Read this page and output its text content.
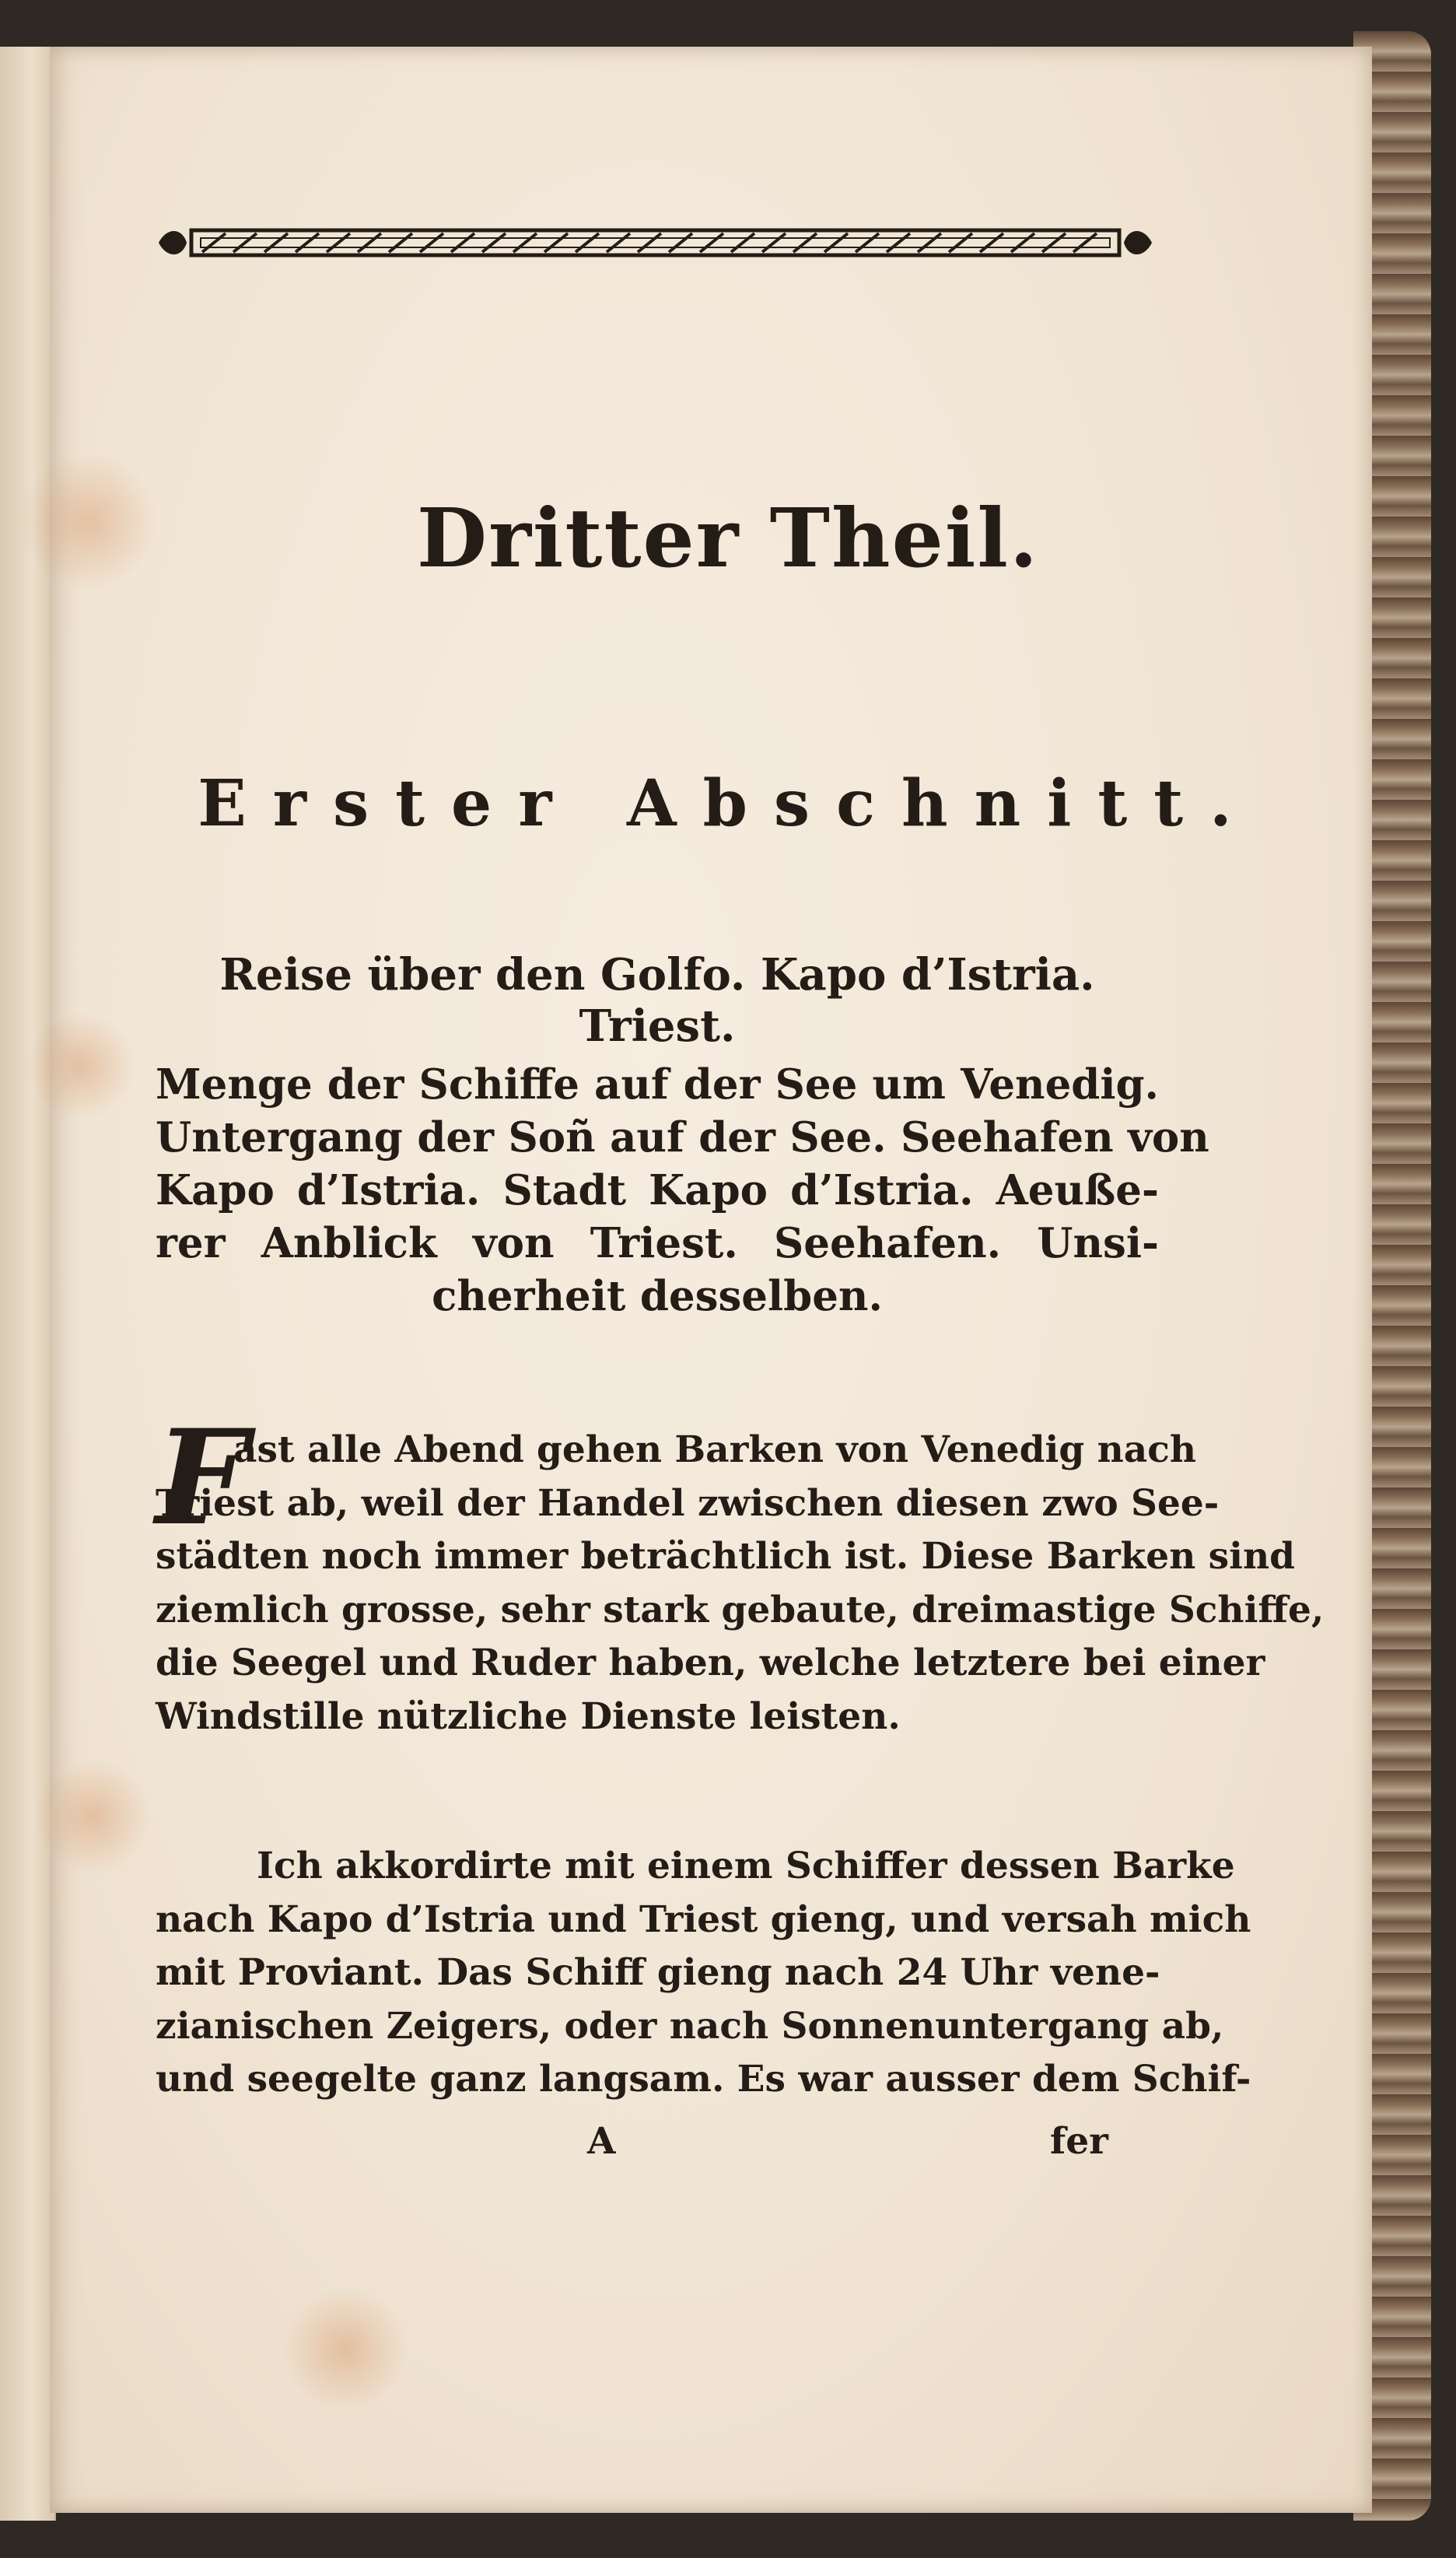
Dritter Theil.
Erster Abschnitt.
Reise über den Golfo. Kapo d’Istria. Triest.
Menge der Schiffe auf der See um Venedig.
Untergang der Soñ auf der See. Seehafen von
Kapo d’Istria. Stadt Kapo d’Istria. Aeuße-
rer Anblick von Triest. Seehafen. Unsi-
cherheit desselben.
F
ast alle Abend gehen Barken von Venedig nach
Triest ab, weil der Handel zwischen diesen zwo See-
städten noch immer beträchtlich ist. Diese Barken sind
ziemlich grosse, sehr stark gebaute, dreimastige Schiffe,
die Seegel und Ruder haben, welche letztere bei einer
Windstille nützliche Dienste leisten.
Ich akkordirte mit einem Schiffer dessen Barke
nach Kapo d’Istria und Triest gieng, und versah mich
mit Proviant. Das Schiff gieng nach 24 Uhr vene-
zianischen Zeigers, oder nach Sonnenuntergang ab,
und seegelte ganz langsam. Es war ausser dem Schif-
A	fer
